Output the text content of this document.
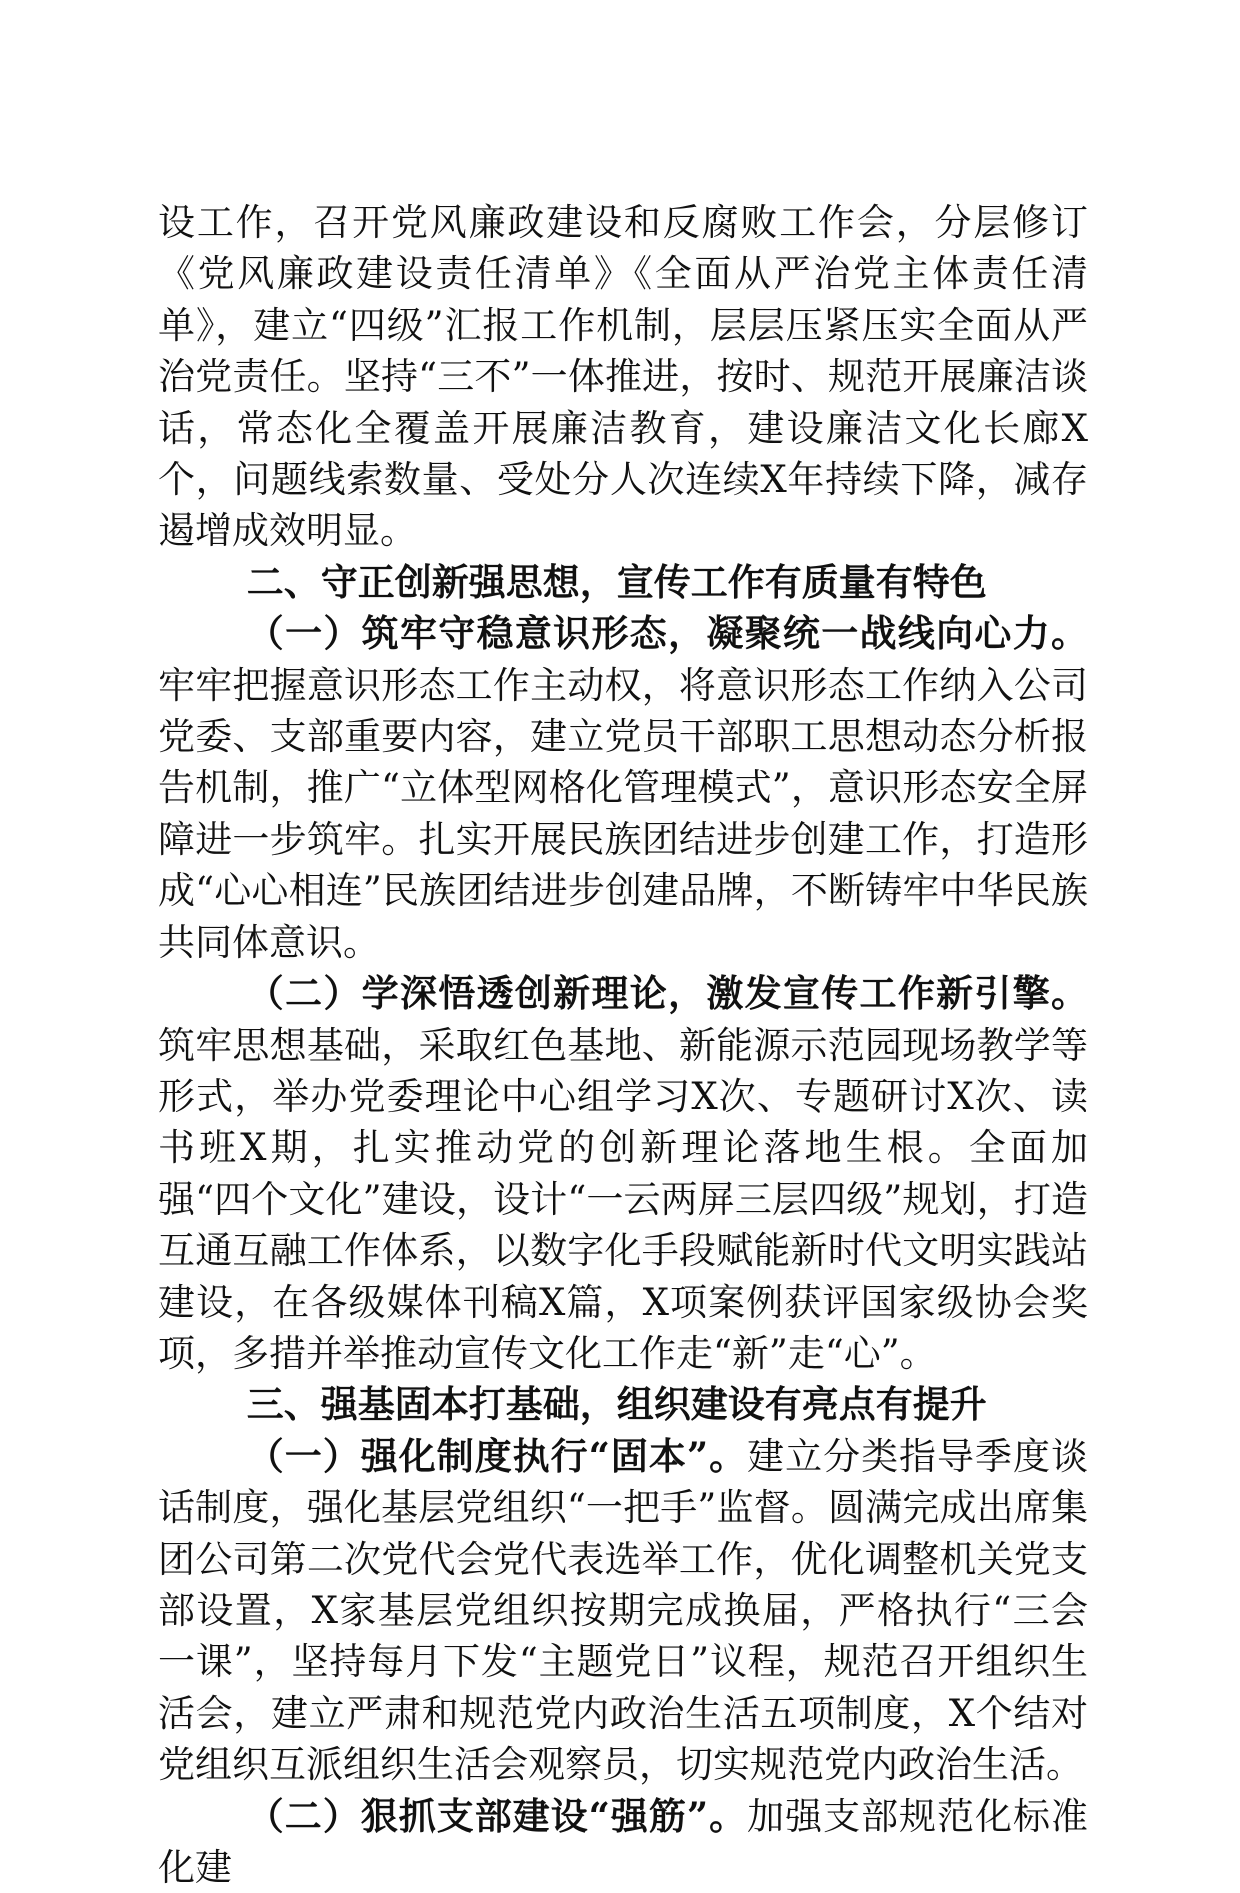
设工作，召开党风廉政建设和反腐败工作会，分层修订《党风廉政建设责任清单》《全面从严治党主体责任清单》，建立“四级”汇报工作机制，层层压紧压实全面从严治党责任。坚持“三不”一体推进，按时、规范开展廉洁谈话，常态化全覆盖开展廉洁教育，建设廉洁文化长廊X个，问题线索数量、受处分人次连续X年持续下降，减存遏增成效明显。

二、守正创新强思想，宣传工作有质量有特色

（一）筑牢守稳意识形态，凝聚统一战线向心力。牢牢把握意识形态工作主动权，将意识形态工作纳入公司党委、支部重要内容，建立党员干部职工思想动态分析报告机制，推广“立体型网格化管理模式”，意识形态安全屏障进一步筑牢。扎实开展民族团结进步创建工作，打造形成“心心相连”民族团结进步创建品牌，不断铸牢中华民族共同体意识。

（二）学深悟透创新理论，激发宣传工作新引擎。筑牢思想基础，采取红色基地、新能源示范园现场教学等形式，举办党委理论中心组学习X次、专题研讨X次、读书班X期，扎实推动党的创新理论落地生根。全面加强“四个文化”建设，设计“一云两屏三层四级”规划，打造互通互融工作体系，以数字化手段赋能新时代文明实践站建设，在各级媒体刊稿X篇，X项案例获评国家级协会奖项，多措并举推动宣传文化工作走“新”走“心”。

三、强基固本打基础，组织建设有亮点有提升

（一）强化制度执行“固本”。建立分类指导季度谈话制度，强化基层党组织“一把手”监督。圆满完成出席集团公司第二次党代会党代表选举工作，优化调整机关党支部设置，X家基层党组织按期完成换届，严格执行“三会一课”，坚持每月下发“主题党日”议程，规范召开组织生活会，建立严肃和规范党内政治生活五项制度，X个结对党组织互派组织生活会观察员，切实规范党内政治生活。

（二）狠抓支部建设“强筋”。加强支部规范化标准化建
